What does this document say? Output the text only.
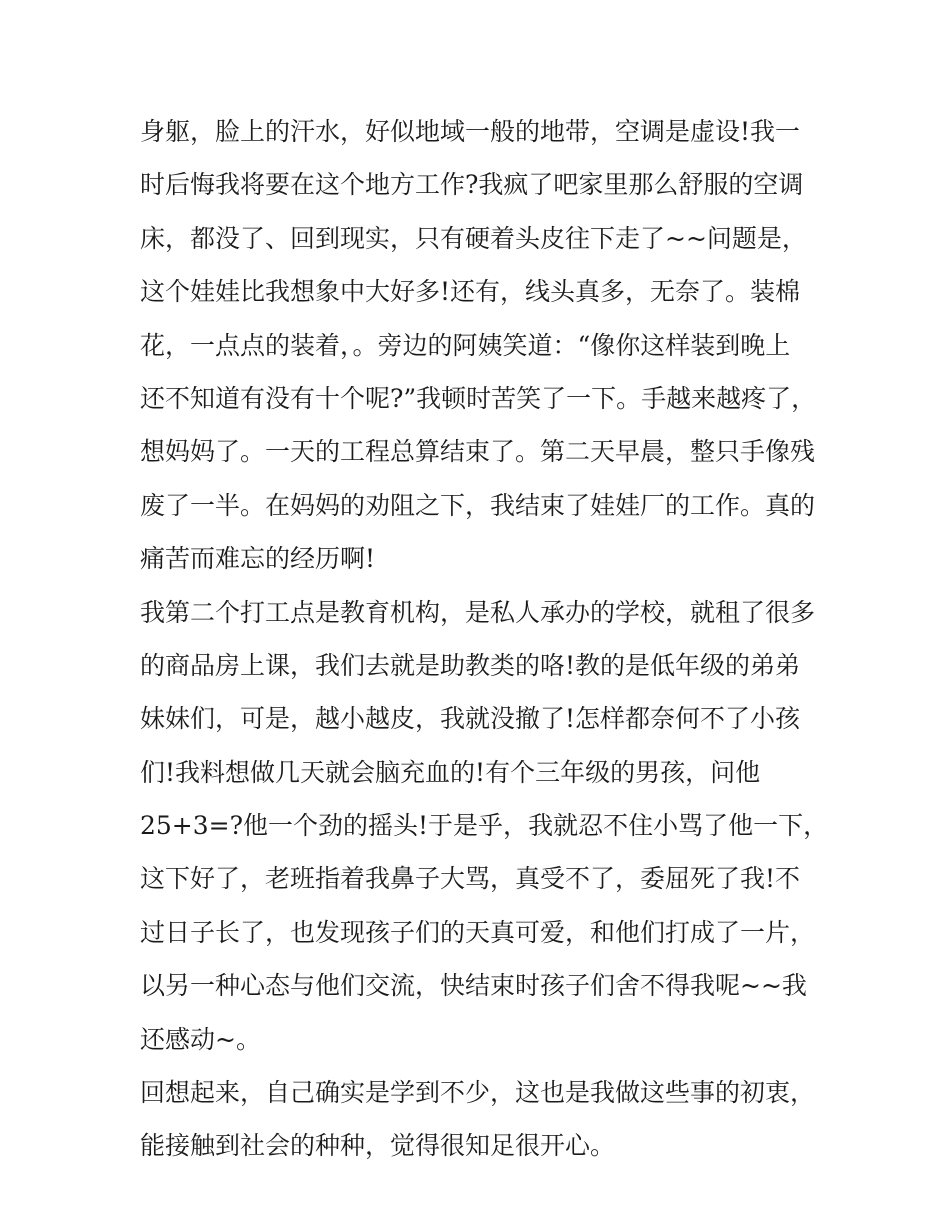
身躯，脸上的汗水，好似地域一般的地带，空调是虚设!我一
时后悔我将要在这个地方工作?我疯了吧家里那么舒服的空调
床，都没了、回到现实，只有硬着头皮往下走了~~问题是，
这个娃娃比我想象中大好多!还有，线头真多，无奈了。装棉
花，一点点的装着，。旁边的阿姨笑道：“像你这样装到晚上
还不知道有没有十个呢?”我顿时苦笑了一下。手越来越疼了，
想妈妈了。一天的工程总算结束了。第二天早晨，整只手像残
废了一半。在妈妈的劝阻之下，我结束了娃娃厂的工作。真的
痛苦而难忘的经历啊!
我第二个打工点是教育机构，是私人承办的学校，就租了很多
的商品房上课，我们去就是助教类的咯!教的是低年级的弟弟
妹妹们，可是，越小越皮，我就没撤了!怎样都奈何不了小孩
们!我料想做几天就会脑充血的!有个三年级的男孩，问他
25+3=?他一个劲的摇头!于是乎，我就忍不住小骂了他一下，
这下好了，老班指着我鼻子大骂，真受不了，委屈死了我!不
过日子长了，也发现孩子们的天真可爱，和他们打成了一片，
以另一种心态与他们交流，快结束时孩子们舍不得我呢~~我
还感动~。
回想起来，自己确实是学到不少，这也是我做这些事的初衷，
能接触到社会的种种，觉得很知足很开心。
